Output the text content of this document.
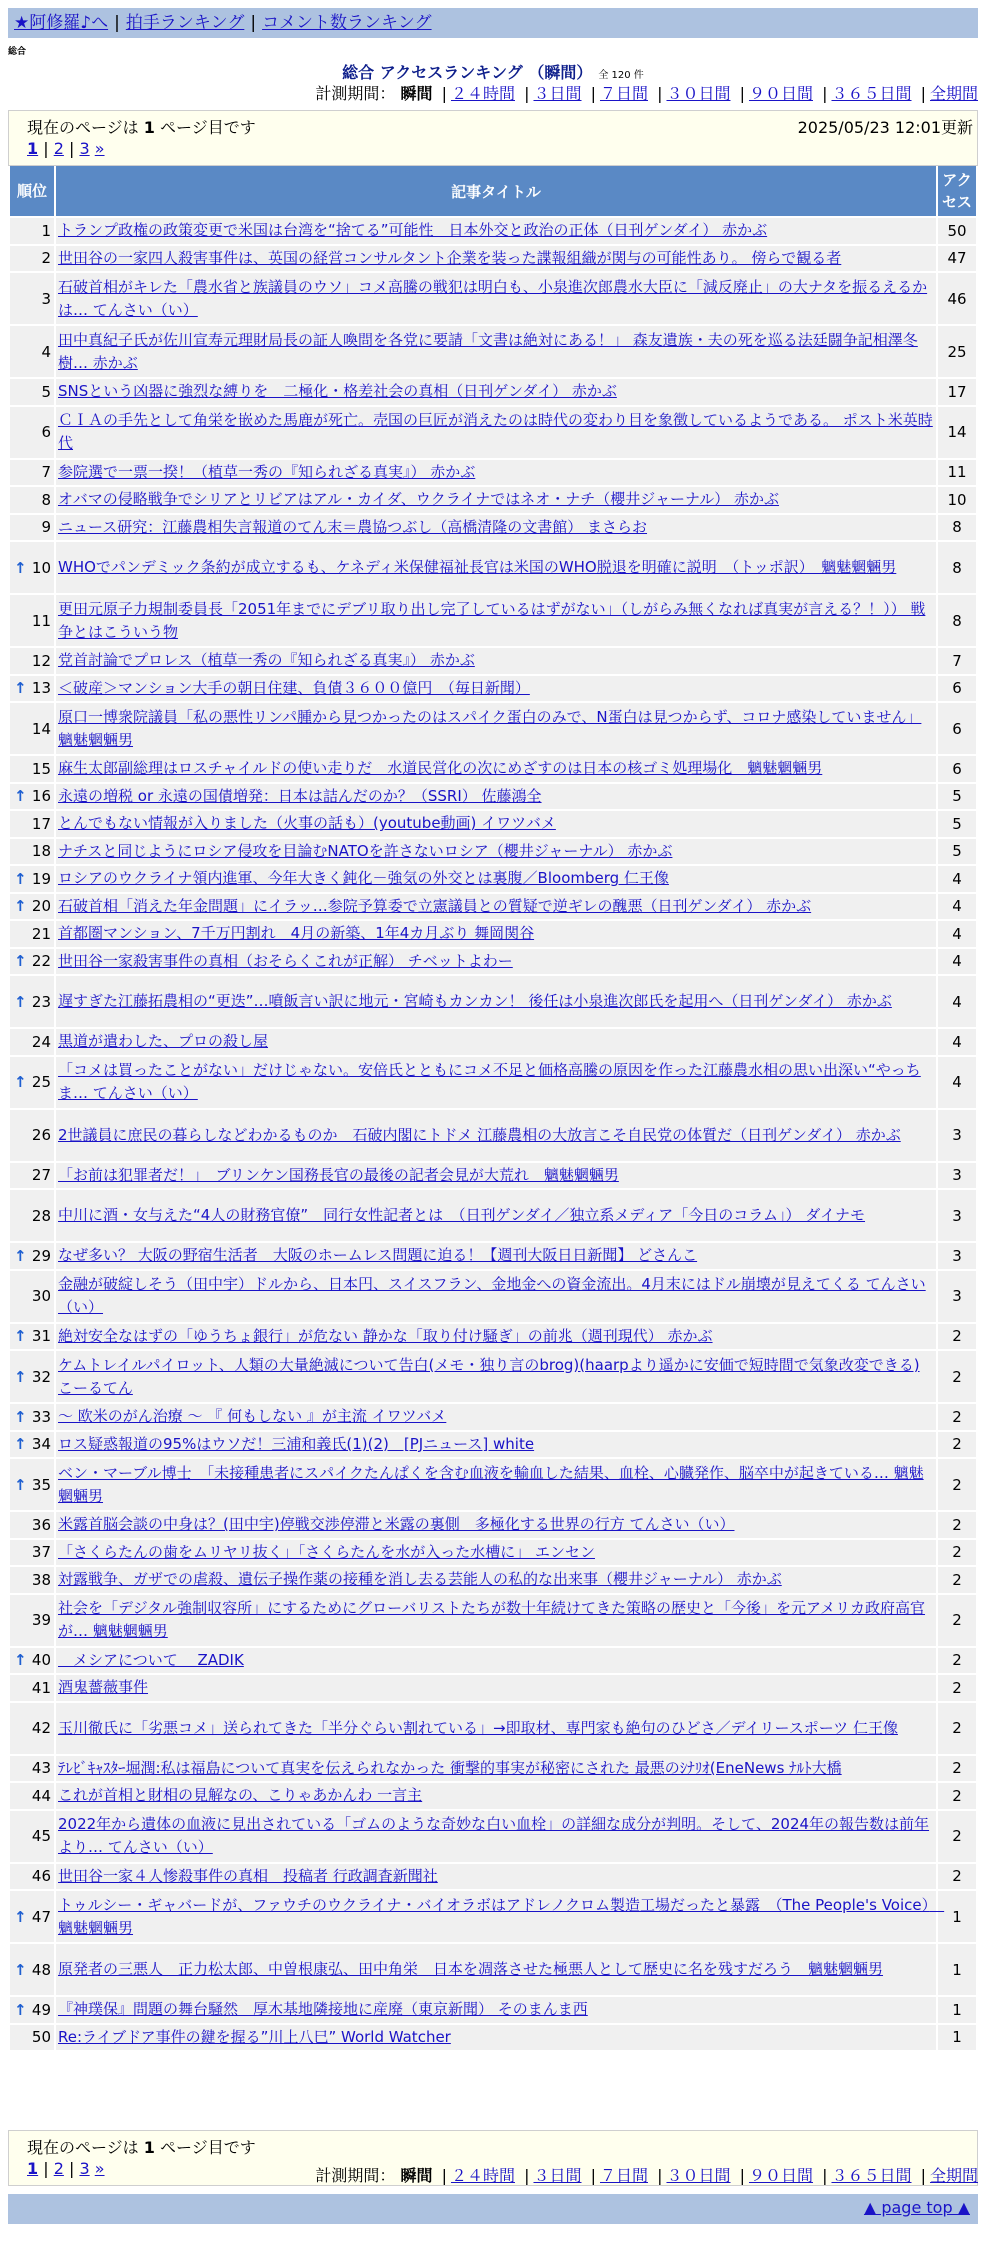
★阿修羅♪へ | 拍手ランキング | コメント数ランキング
総合
総合 アクセスランキング （瞬間） 全 120 件
計測期間： 瞬間 | ２４時間 | ３日間 | ７日間 | ３０日間 | ９０日間 | ３６５日間 | 全期間
現在のページは 1 ページ目です	2025/05/23 12:01更新
1 | 2 | 3 »
順位	記事タイトル	アクセス
1	トランプ政権の政策変更で米国は台湾を“捨てる”可能性　日本外交と政治の正体（日刊ゲンダイ） 赤かぶ	50
2	世田谷の一家四人殺害事件は、英国の経営コンサルタント企業を装った諜報組織が関与の可能性あり。 傍らで観る者	47
3	石破首相がキレた「農水省と族議員のウソ」コメ高騰の戦犯は明白も、小泉進次郎農水大臣に「減反廃止」の大ナタを振るえるかは… てんさい（い）	46
4	田中真紀子氏が佐川宣寿元理財局長の証人喚問を各党に要請「文書は絶対にある！」 森友遺族・夫の死を巡る法廷闘争記相澤冬樹… 赤かぶ	25
5	SNSという凶器に強烈な縛りを　二極化・格差社会の真相（日刊ゲンダイ） 赤かぶ	17
6	ＣＩＡの手先として角栄を嵌めた馬鹿が死亡。売国の巨匠が消えたのは時代の変わり目を象徴しているようである。 ポスト米英時代	14
7	参院選で一票一揆！（植草一秀の『知られざる真実』） 赤かぶ	11
8	オバマの侵略戦争でシリアとリビアはアル・カイダ、ウクライナではネオ・ナチ（櫻井ジャーナル） 赤かぶ	10
9	ニュース研究：江藤農相失言報道のてん末＝農協つぶし（高橋清隆の文書館） まさらお	8

↑ 10	WHOでパンデミック条約が成立するも、ケネディ米保健福祉長官は米国のWHO脱退を明確に説明　（トッポ訳）　魑魅魍魎男	8
11	更田元原子力規制委員長「2051年までにデブリ取り出し完了しているはずがない」（しがらみ無くなれば真実が言える？！）） 戦争とはこういう物	8
12	党首討論でプロレス（植草一秀の『知られざる真実』） 赤かぶ	7

↑ 13	＜破産＞マンション大手の朝日住建、負債３６００億円　（毎日新聞）	6
14	原口一博衆院議員「私の悪性リンパ腫から見つかったのはスパイク蛋白のみで、N蛋白は見つからず、コロナ感染していません」 魑魅魍魎男	6
15	麻生太郎副総理はロスチャイルドの使い走りだ　水道民営化の次にめざすのは日本の核ゴミ処理場化　魑魅魍魎男	6

↑ 16	永遠の増税 or 永遠の国債増発：日本は詰んだのか？（SSRI） 佐藤鴻全	5
17	とんでもない情報が入りました（火事の話も）(youtube動画) イワツバメ	5
18	ナチスと同じようにロシア侵攻を目論むNATOを許さないロシア（櫻井ジャーナル） 赤かぶ	5

↑ 19	ロシアのウクライナ領内進軍、今年大きく鈍化－強気の外交とは裏腹／Bloomberg 仁王像	4

↑ 20	石破首相「消えた年金問題」にイラッ…参院予算委で立憲議員との質疑で逆ギレの醜悪（日刊ゲンダイ） 赤かぶ	4
21	首都圏マンション、7千万円割れ　4月の新築、1年4カ月ぶり 舞岡関谷	4

↑ 22	世田谷一家殺害事件の真相（おそらくこれが正解） チベットよわー	4

↑ 23	遅すぎた江藤拓農相の“更迭”…噴飯言い訳に地元・宮崎もカンカン！ 後任は小泉進次郎氏を起用へ（日刊ゲンダイ） 赤かぶ	4
24	黒道が遣わした、プロの殺し屋	4

↑ 25	「コメは買ったことがない」だけじゃない。安倍氏とともにコメ不足と価格高騰の原因を作った江藤農水相の思い出深い“やっちま… てんさい（い）	4
26	2世議員に庶民の暮らしなどわかるものか　石破内閣にトドメ 江藤農相の大放言こそ自民党の体質だ（日刊ゲンダイ） 赤かぶ	3
27	「お前は犯罪者だ！」　ブリンケン国務長官の最後の記者会見が大荒れ　魑魅魍魎男	3
28	中川に酒・女与えた“4人の財務官僚”　同行女性記者とは　（日刊ゲンダイ／独立系メディア「今日のコラム」） ダイナモ	3

↑ 29	なぜ多い？ 大阪の野宿生活者　大阪のホームレス問題に迫る！【週刊大阪日日新聞】 どさんこ	3
30	金融が破綻しそう（田中宇）ドルから、日本円、スイスフラン、金地金への資金流出。4月末にはドル崩壊が見えてくる てんさい（い）	3

↑ 31	絶対安全なはずの「ゆうちょ銀行」が危ない 静かな「取り付け騒ぎ」の前兆（週刊現代） 赤かぶ	2

↑ 32	ケムトレイルパイロット、人類の大量絶滅について告白(メモ・独り言のbrog)(haarpより遥かに安価で短時間で気象改変できる) こーるてん	2

↑ 33	～ 欧米のがん治療 ～ 『 何もしない 』が主流 イワツバメ	2

↑ 34	ロス疑惑報道の95%はウソだ！三浦和義氏(1)(2)　[PJニュース] white	2

↑ 35	ベン・マーブル博士　「未接種患者にスパイクたんぱくを含む血液を輸血した結果、血栓、心臓発作、脳卒中が起きている… 魑魅魍魎男	2
36	米露首脳会談の中身は？(田中宇)停戦交渉停滞と米露の裏側　多極化する世界の行方 てんさい（い）	2
37	「さくらたんの歯をムリヤリ抜く」「さくらたんを水が入った水槽に」 エンセン	2
38	対露戦争、ガザでの虐殺、遺伝子操作薬の接種を消し去る芸能人の私的な出来事（櫻井ジャーナル） 赤かぶ	2
39	社会を「デジタル強制収容所」にするためにグローバリストたちが数十年続けてきた策略の歴史と「今後」を元アメリカ政府高官が… 魑魅魍魎男	2

↑ 40	　メシアについて　 ZADIK	2
41	酒鬼薔薇事件	2
42	玉川徹氏に「劣悪コメ」送られてきた「半分ぐらい割れている」→即取材、専門家も絶句のひどさ／デイリースポーツ 仁王像	2
43	ﾃﾚﾋﾞｷｬｽﾀｰ堀潤:私は福島について真実を伝えられなかった 衝撃的事実が秘密にされた 最悪のｼﾅﾘｵ(EneNews ﾅﾙﾄ大橋	2
44	これが首相と財相の見解なの、こりゃあかんわ 一言主	2
45	2022年から遺体の血液に見出されている「ゴムのような奇妙な白い血栓」の詳細な成分が判明。そして、2024年の報告数は前年より… てんさい（い）	2
46	世田谷一家４人惨殺事件の真相　投稿者 行政調査新聞社	2

↑ 47	トゥルシー・ギャバードが、ファウチのウクライナ・バイオラボはアドレノクロム製造工場だったと暴露　（The People's Voice）　魑魅魍魎男	1

↑ 48	原発者の三悪人　正力松太郎、中曽根康弘、田中角栄　日本を凋落させた極悪人として歴史に名を残すだろう　魑魅魍魎男	1

↑ 49	『神璞保』問題の舞台騒然　厚木基地隣接地に産廃（東京新聞） そのまんま西	1
50	Re:ライブドア事件の鍵を握る”川上八巳” World Watcher	1
現在のページは 1 ページ目です
1 | 2 | 3 »	計測期間： 瞬間 | ２４時間 | ３日間 | ７日間 | ３０日間 | ９０日間 | ３６５日間 | 全期間
▲ page top ▲
